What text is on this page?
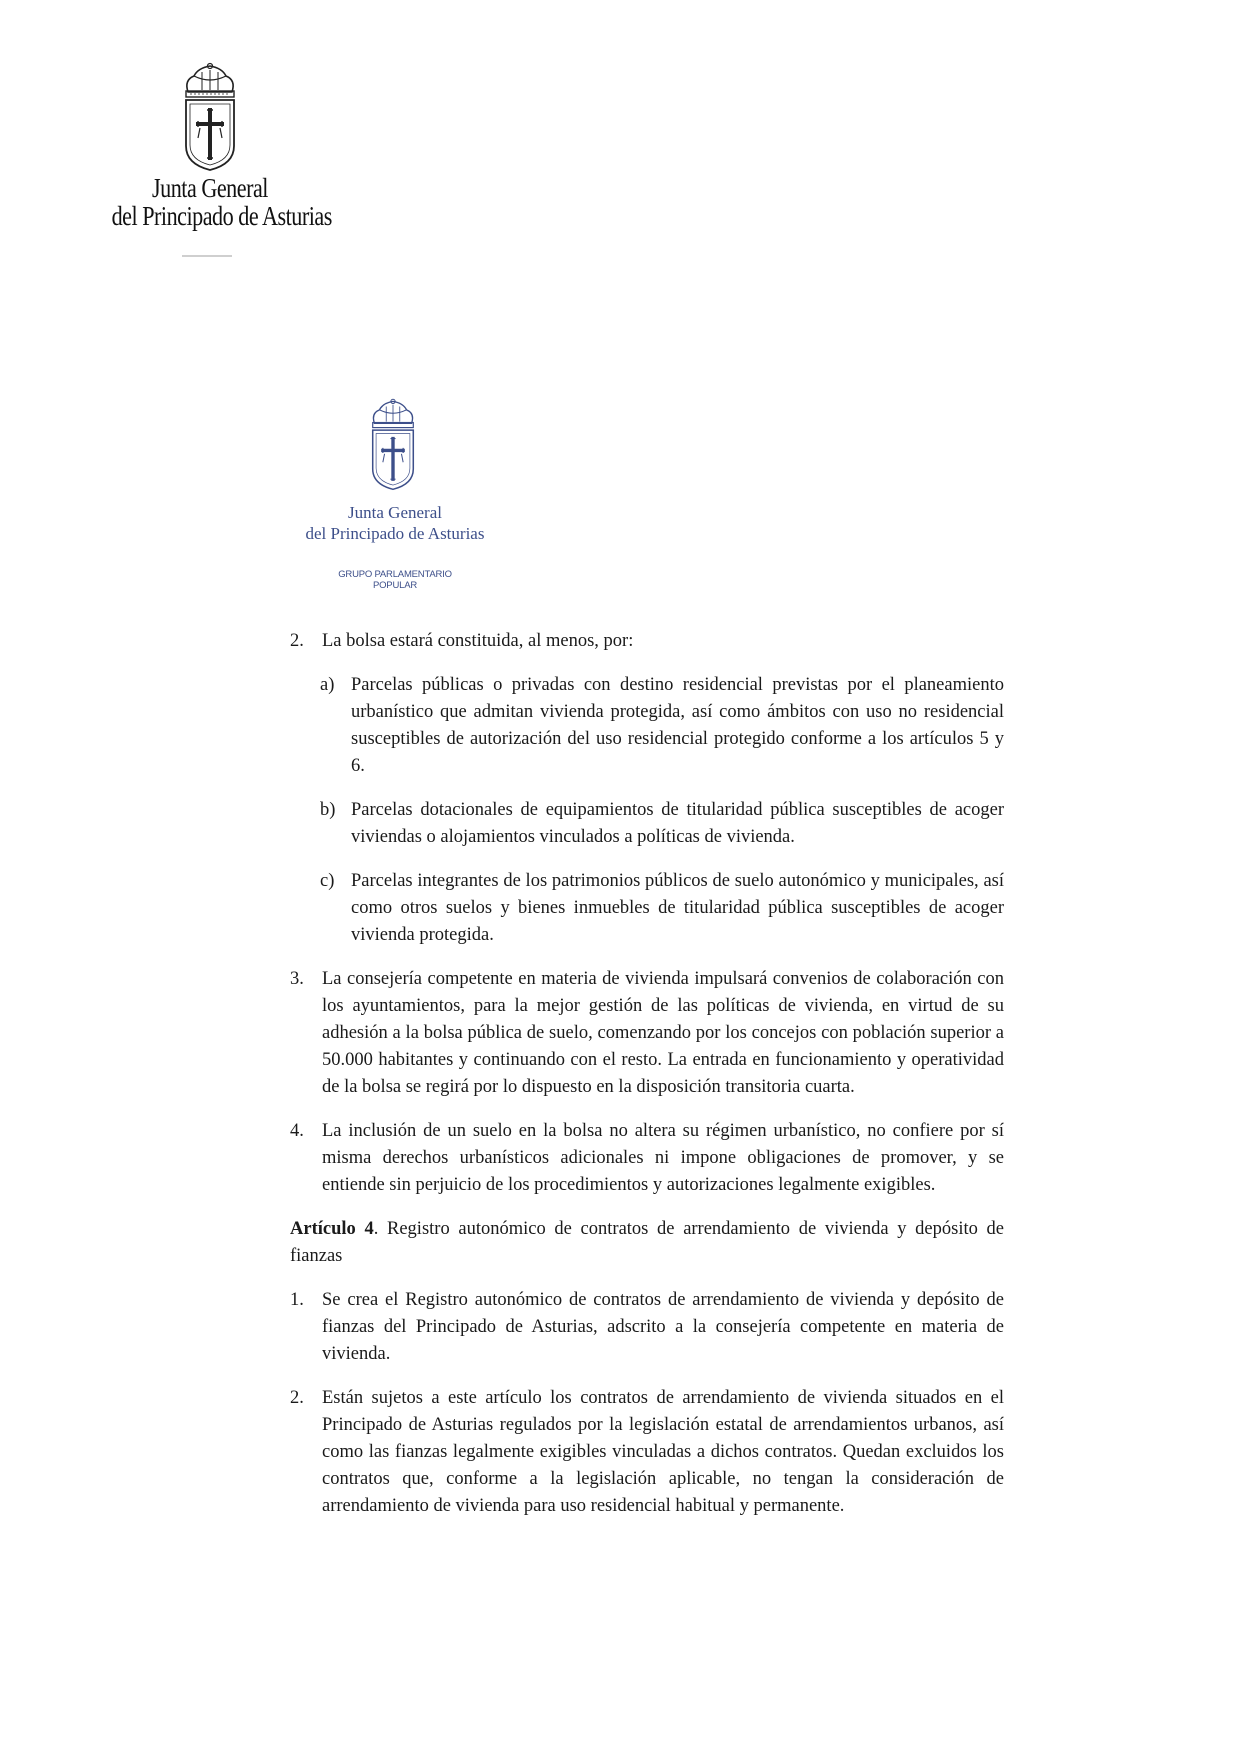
Junta General
del Principado de Asturias
Junta General
del Principado de Asturias
GRUPO PARLAMENTARIO
POPULAR
2. La bolsa estará constituida, al menos, por:
a) Parcelas públicas o privadas con destino residencial previstas por el planeamiento urbanístico que admitan vivienda protegida, así como ámbitos con uso no residencial susceptibles de autorización del uso residencial protegido conforme a los artículos 5 y 6.
b) Parcelas dotacionales de equipamientos de titularidad pública susceptibles de acoger viviendas o alojamientos vinculados a políticas de vivienda.
c) Parcelas integrantes de los patrimonios públicos de suelo autonómico y municipales, así como otros suelos y bienes inmuebles de titularidad pública susceptibles de acoger vivienda protegida.
3. La consejería competente en materia de vivienda impulsará convenios de colaboración con los ayuntamientos, para la mejor gestión de las políticas de vivienda, en virtud de su adhesión a la bolsa pública de suelo, comenzando por los concejos con población superior a 50.000 habitantes y continuando con el resto. La entrada en funcionamiento y operatividad de la bolsa se regirá por lo dispuesto en la disposición transitoria cuarta.
4. La inclusión de un suelo en la bolsa no altera su régimen urbanístico, no confiere por sí misma derechos urbanísticos adicionales ni impone obligaciones de promover, y se entiende sin perjuicio de los procedimientos y autorizaciones legalmente exigibles.
Artículo 4. Registro autonómico de contratos de arrendamiento de vivienda y depósito de fianzas
1. Se crea el Registro autonómico de contratos de arrendamiento de vivienda y depósito de fianzas del Principado de Asturias, adscrito a la consejería competente en materia de vivienda.
2. Están sujetos a este artículo los contratos de arrendamiento de vivienda situados en el Principado de Asturias regulados por la legislación estatal de arrendamientos urbanos, así como las fianzas legalmente exigibles vinculadas a dichos contratos. Quedan excluidos los contratos que, conforme a la legislación aplicable, no tengan la consideración de arrendamiento de vivienda para uso residencial habitual y permanente.
